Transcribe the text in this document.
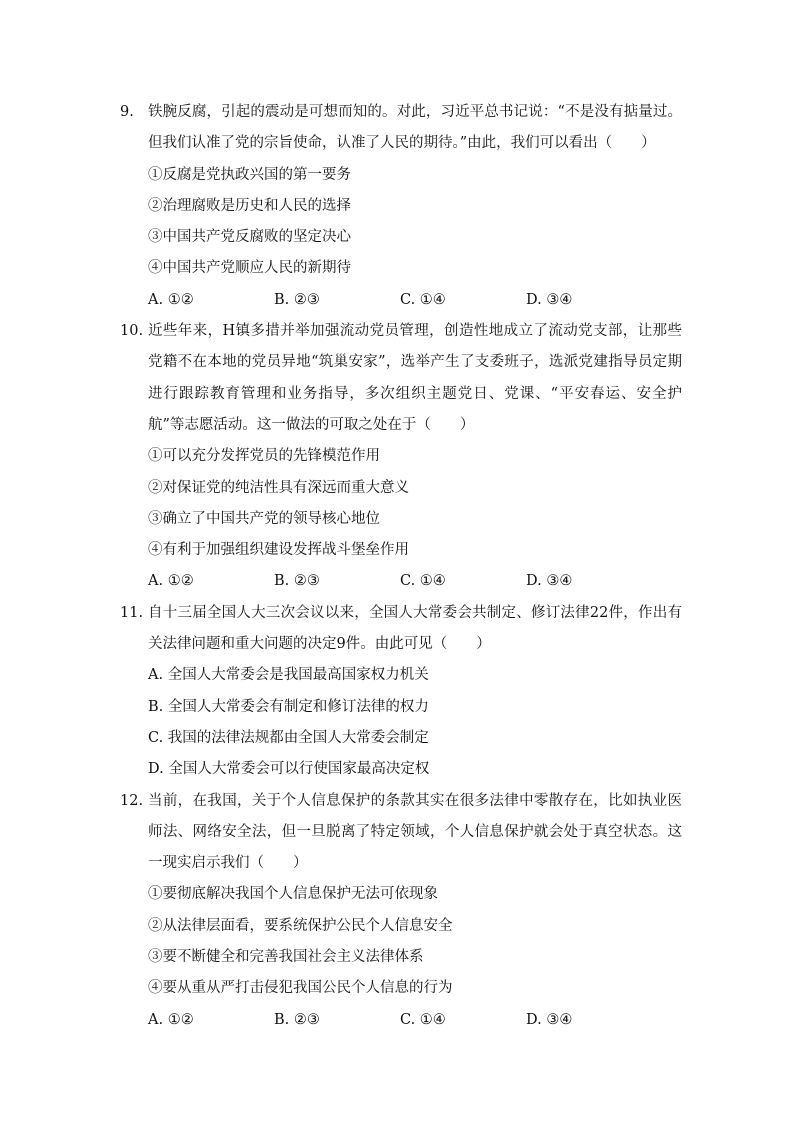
9. 铁腕反腐，引起的震动是可想而知的。对此，习近平总书记说：“不是没有掂量过。但我们认准了党的宗旨使命，认准了人民的期待。”由此，我们可以看出（　　）
①反腐是党执政兴国的第一要务
②治理腐败是历史和人民的选择
③中国共产党反腐败的坚定决心
④中国共产党顺应人民的新期待
A. ①②	B. ②③	C. ①④	D. ③④
10. 近些年来，H镇多措并举加强流动党员管理，创造性地成立了流动党支部，让那些党籍不在本地的党员异地“筑巢安家”，选举产生了支委班子，选派党建指导员定期进行跟踪教育管理和业务指导，多次组织主题党日、党课、“平安春运、安全护航”等志愿活动。这一做法的可取之处在于（　　）
①可以充分发挥党员的先锋模范作用
②对保证党的纯洁性具有深远而重大意义
③确立了中国共产党的领导核心地位
④有利于加强组织建设发挥战斗堡垒作用
A. ①②	B. ②③	C. ①④	D. ③④
11. 自十三届全国人大三次会议以来，全国人大常委会共制定、修订法律22件，作出有关法律问题和重大问题的决定9件。由此可见（　　）
A. 全国人大常委会是我国最高国家权力机关
B. 全国人大常委会有制定和修订法律的权力
C. 我国的法律法规都由全国人大常委会制定
D. 全国人大常委会可以行使国家最高决定权
12. 当前，在我国，关于个人信息保护的条款其实在很多法律中零散存在，比如执业医师法、网络安全法，但一旦脱离了特定领域，个人信息保护就会处于真空状态。这一现实启示我们（　　）
①要彻底解决我国个人信息保护无法可依现象
②从法律层面看，要系统保护公民个人信息安全
③要不断健全和完善我国社会主义法律体系
④要从重从严打击侵犯我国公民个人信息的行为
A. ①②	B. ②③	C. ①④	D. ③④
